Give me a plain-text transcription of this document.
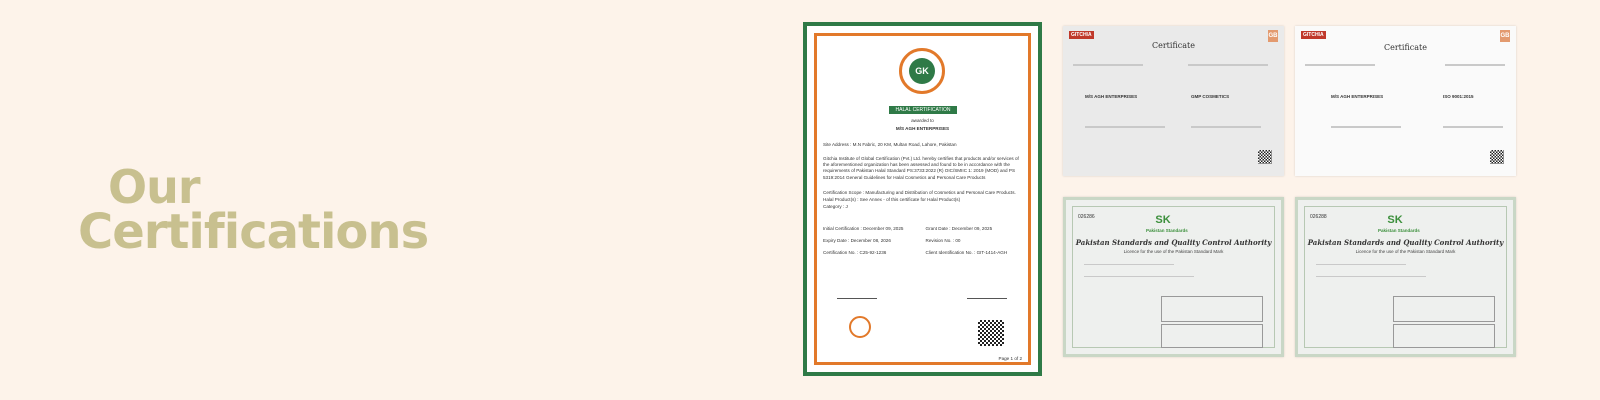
Our
Certifications
GK
HALAL CERTIFICATION
awarded to
M/S AGH ENTERPRISES
Site Address : M.N Fabric, 20 KM, Multan Road, Lahore, Pakistan
Gitchia Institute of Global Certification (Pvt.) Ltd. hereby certifies that products and/or services of the aforementioned organization has been assessed and found to be in accordance with the requirements of Pakistan Halal Standard PS:3733:2022 (R) OIC/SMIIC 1: 2019 (MOD) and PS 5319:2014 General Guidelines for Halal Cosmetics and Personal Care Products
Certification Scope : Manufacturing and Distribution of Cosmetics and Personal Care Products.
Halal Product(s) : See Annex - of this certificate for Halal Product(s)
Category : J
Initial Certification : December 09, 2025	Grant Date : December 09, 2025
Expiry Date : December 08, 2026	Revision No. : 00
Certification No. : C25-92-1236	Client Identification No. : GIT-1414-AGH
Page 1 of 2
GITCHIA	GB
Certificate
M/S AGH ENTERPRISES	GMP COSMETICS
GITCHIA	GB
Certificate
M/S AGH ENTERPRISES	ISO 9001:2015
026286	SK
Pakistan Standards
Pakistan Standards and Quality Control Authority
Licence for the use of the Pakistan Standard Mark
026288	SK
Pakistan Standards
Pakistan Standards and Quality Control Authority
Licence for the use of the Pakistan Standard Mark
